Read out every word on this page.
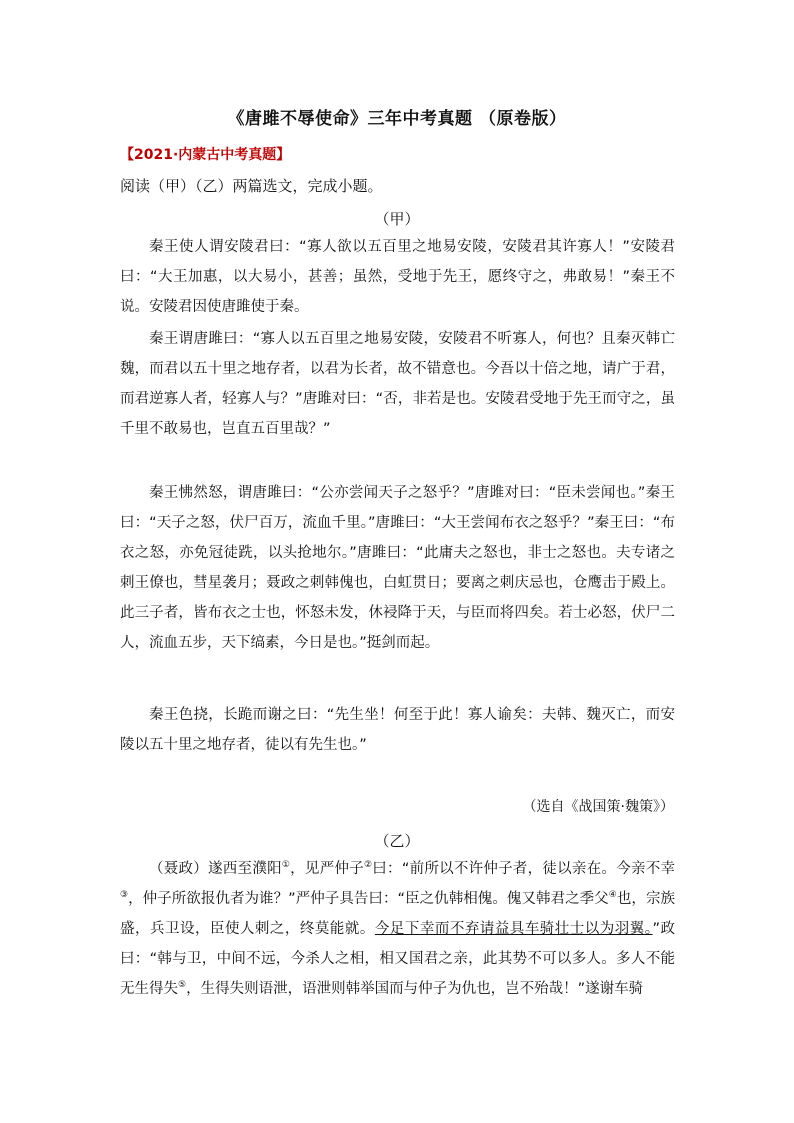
《唐雎不辱使命》三年中考真题 （原卷版）
【2021·内蒙古中考真题】
阅读（甲）（乙）两篇选文，完成小题。
（甲）

秦王使人谓安陵君曰：“寡人欲以五百里之地易安陵，安陵君其许寡人！”安陵君曰：“大王加惠，以大易小，甚善；虽然，受地于先王，愿终守之，弗敢易！”秦王不说。安陵君因使唐雎使于秦。

秦王谓唐雎曰：“寡人以五百里之地易安陵，安陵君不听寡人，何也？且秦灭韩亡魏，而君以五十里之地存者，以君为长者，故不错意也。今吾以十倍之地，请广于君，而君逆寡人者，轻寡人与？”唐雎对曰：“否，非若是也。安陵君受地于先王而守之，虽千里不敢易也，岂直五百里哉？”

秦王怫然怒，谓唐雎曰：“公亦尝闻天子之怒乎？”唐雎对曰：“臣未尝闻也。”秦王曰：“天子之怒，伏尸百万，流血千里。”唐雎曰：“大王尝闻布衣之怒乎？”秦王曰：“布衣之怒，亦免冠徒跣，以头抢地尔。”唐雎曰：“此庸夫之怒也，非士之怒也。夫专诸之刺王僚也，彗星袭月；聂政之刺韩傀也，白虹贯日；要离之刺庆忌也，仓鹰击于殿上。此三子者，皆布衣之士也，怀怒未发，休祲降于天，与臣而将四矣。若士必怒，伏尸二人，流血五步，天下缟素，今日是也。”挺剑而起。

秦王色挠，长跪而谢之曰：“先生坐！何至于此！寡人谕矣：夫韩、魏灭亡，而安陵以五十里之地存者，徒以有先生也。”

（选自《战国策·魏策》）
（乙）

（聂政）遂西至濮阳①，见严仲子②曰：“前所以不许仲子者，徒以亲在。今亲不幸③，仲子所欲报仇者为谁？”严仲子具告曰：“臣之仇韩相傀。傀又韩君之季父④也，宗族盛，兵卫设，臣使人刺之，终莫能就。今足下幸而不弃请益具车骑壮士以为羽翼。”政曰：“韩与卫，中间不远，今杀人之相，相又国君之亲，此其势不可以多人。多人不能无生得失⑤，生得失则语泄，语泄则韩举国而与仲子为仇也，岂不殆哉！”遂谢车骑
